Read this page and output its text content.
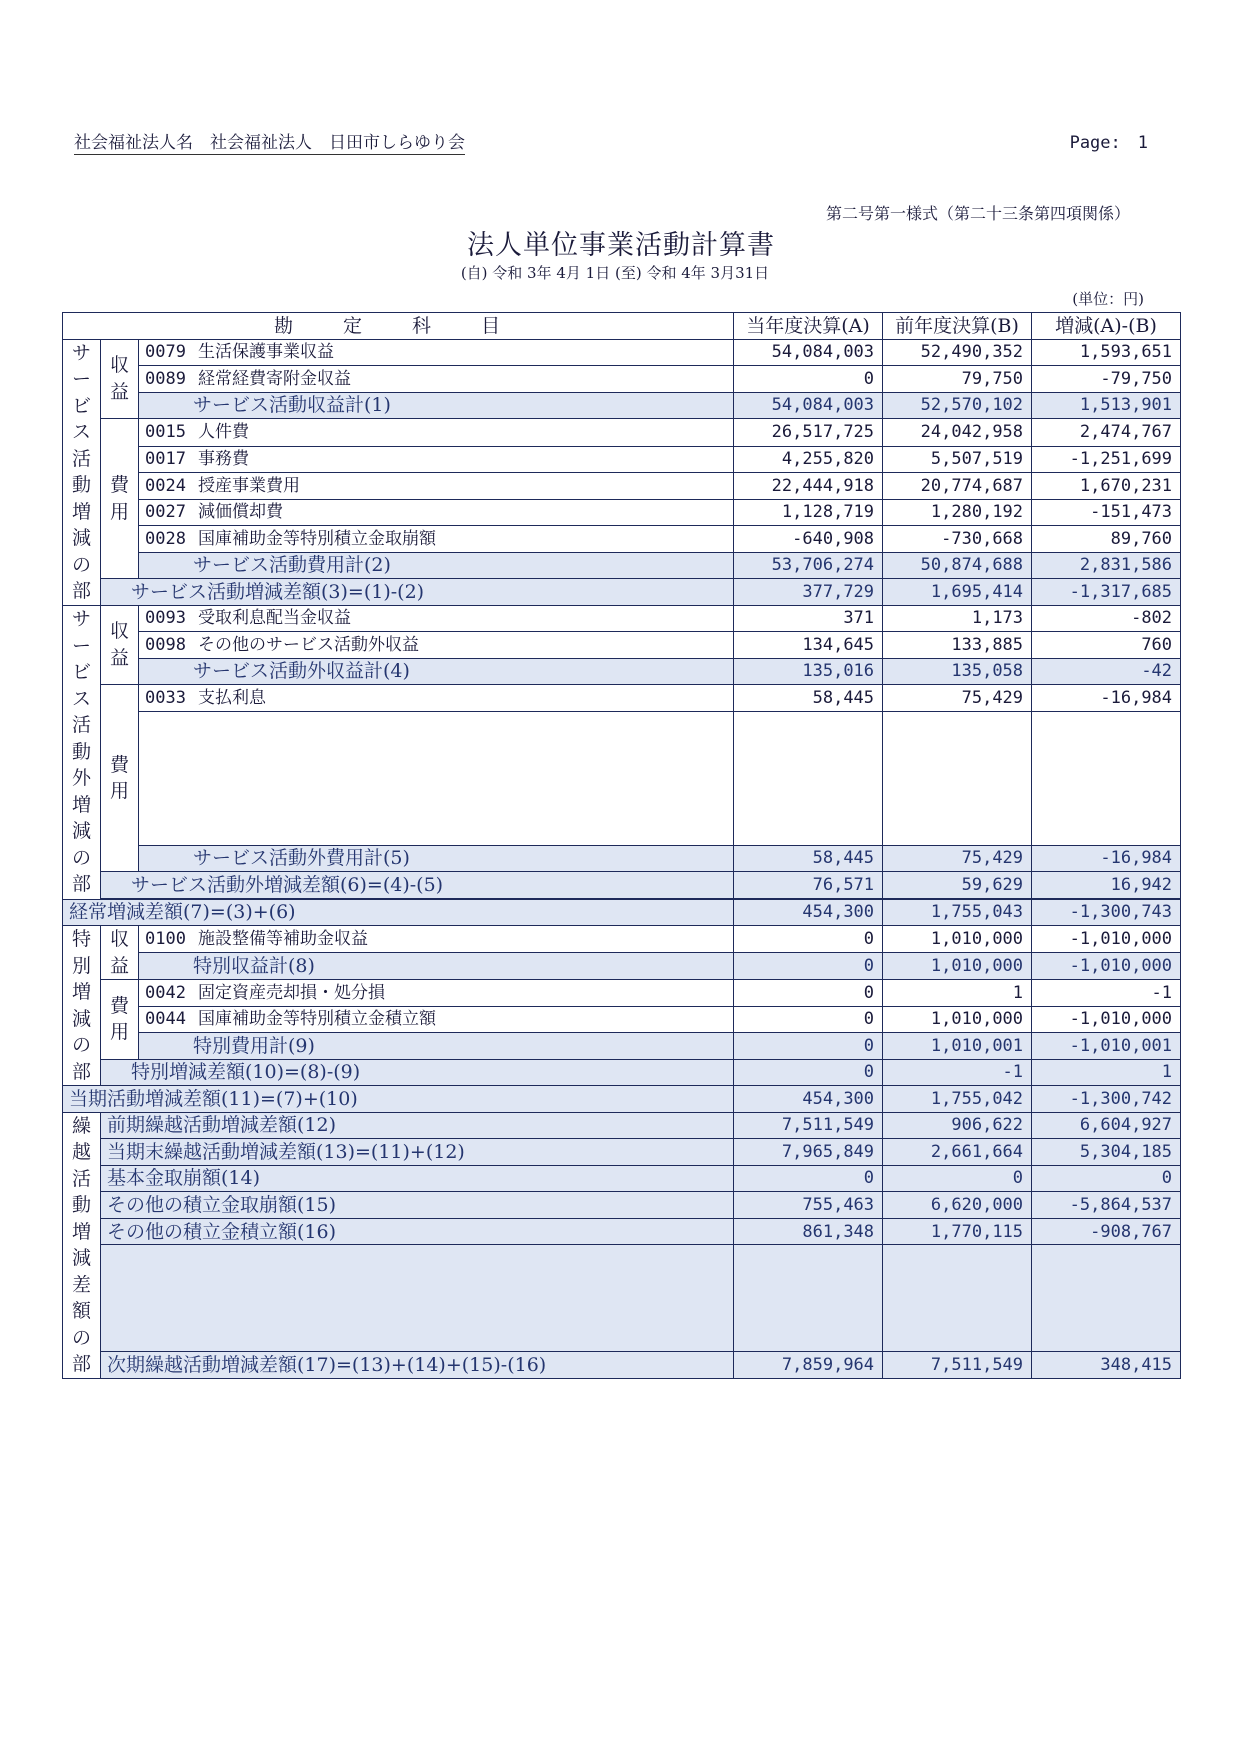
社会福祉法人名　社会福祉法人　日田市しらゆり会	Page:　1
第二号第一様式（第二十三条第四項関係）
法人単位事業活動計算書
(自) 令和 3年 4月 1日 (至) 令和 4年 3月31日
(単位：円)
勘 定 科 目			当年度決算(A)	前年度決算(B)	増減(A)-(B)
サービス活動増減の部	収益	0079 生活保護事業収益	54,084,003	52,490,352	1,593,651
		0089 経常経費寄附金収益	0	79,750	-79,750
		サービス活動収益計(1)	54,084,003	52,570,102	1,513,901
	費用	0015 人件費	26,517,725	24,042,958	2,474,767
		0017 事務費	4,255,820	5,507,519	-1,251,699
		0024 授産事業費用	22,444,918	20,774,687	1,670,231
		0027 減価償却費	1,128,719	1,280,192	-151,473
		0028 国庫補助金等特別積立金取崩額	-640,908	-730,668	89,760
		サービス活動費用計(2)	53,706,274	50,874,688	2,831,586
	サービス活動増減差額(3)=(1)-(2)		377,729	1,695,414	-1,317,685
サービス活動外増減の部	収益	0093 受取利息配当金収益	371	1,173	-802
		0098 その他のサービス活動外収益	134,645	133,885	760
		サービス活動外収益計(4)	135,016	135,058	-42
	費用	0033 支払利息	58,445	75,429	-16,984

		サービス活動外費用計(5)	58,445	75,429	-16,984
	サービス活動外増減差額(6)=(4)-(5)		76,571	59,629	16,942

経常増減差額(7)=(3)+(6)			454,300	1,755,043	-1,300,743
特別増減の部	収益	0100 施設整備等補助金収益	0	1,010,000	-1,010,000
		特別収益計(8)	0	1,010,000	-1,010,000
	費用	0042 固定資産売却損・処分損	0	1	-1
		0044 国庫補助金等特別積立金積立額	0	1,010,000	-1,010,000
		特別費用計(9)	0	1,010,001	-1,010,001
	特別増減差額(10)=(8)-(9)		0	-1	1
当期活動増減差額(11)=(7)+(10)			454,300	1,755,042	-1,300,742
繰越活動増減差額の部	前期繰越活動増減差額(12)		7,511,549	906,622	6,604,927
	当期末繰越活動増減差額(13)=(11)+(12)		7,965,849	2,661,664	5,304,185
	基本金取崩額(14)		0	0	0
	その他の積立金取崩額(15)		755,463	6,620,000	-5,864,537
	その他の積立金積立額(16)		861,348	1,770,115	-908,767

	次期繰越活動増減差額(17)=(13)+(14)+(15)-(16)		7,859,964	7,511,549	348,415
